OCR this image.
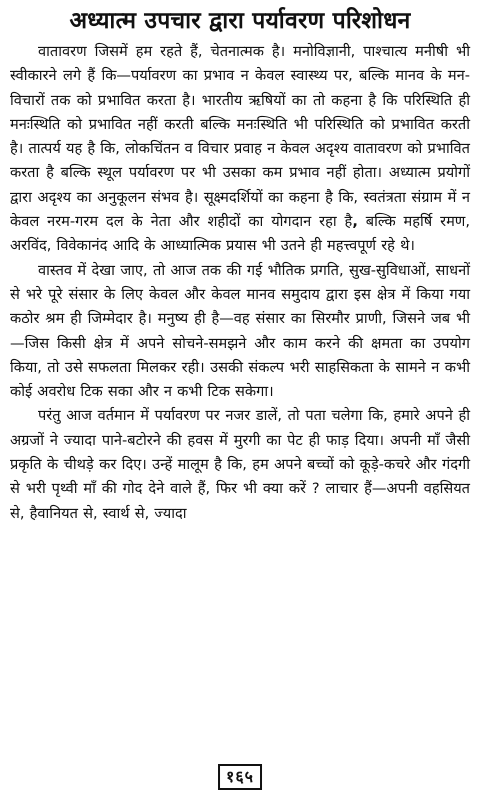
अध्यात्म उपचार द्वारा पर्यावरण परिशोधन

वातावरण जिसमें हम रहते हैं, चेतनात्मक है। मनोविज्ञानी, पाश्चात्य मनीषी भी स्वीकारने लगे हैं कि—पर्यावरण का प्रभाव न केवल स्वास्थ्य पर, बल्कि मानव के मन-विचारों तक को प्रभावित करता है। भारतीय ऋषियों का तो कहना है कि परिस्थिति ही मनःस्थिति को प्रभावित नहीं करती बल्कि मनःस्थिति भी परिस्थिति को प्रभावित करती है। तात्पर्य यह है कि, लोकचिंतन व विचार प्रवाह न केवल अदृश्य वातावरण को प्रभावित करता है बल्कि स्थूल पर्यावरण पर भी उसका कम प्रभाव नहीं होता। अध्यात्म प्रयोगों द्वारा अदृश्य का अनुकूलन संभव है। सूक्ष्मदर्शियों का कहना है कि, स्वतंत्रता संग्राम में न केवल नरम-गरम दल के नेता और शहीदों का योगदान रहा है, बल्कि महर्षि रमण, अरविंद, विवेकानंद आदि के आध्यात्मिक प्रयास भी उतने ही महत्त्वपूर्ण रहे थे।

वास्तव में देखा जाए, तो आज तक की गई भौतिक प्रगति, सुख-सुविधाओं, साधनों से भरे पूरे संसार के लिए केवल और केवल मानव समुदाय द्वारा इस क्षेत्र में किया गया कठोर श्रम ही जिम्मेदार है। मनुष्य ही है—वह संसार का सिरमौर प्राणी, जिसने जब भी—जिस किसी क्षेत्र में अपने सोचने-समझने और काम करने की क्षमता का उपयोग किया, तो उसे सफलता मिलकर रही। उसकी संकल्प भरी साहसिकता के सामने न कभी कोई अवरोध टिक सका और न कभी टिक सकेगा।

परंतु आज वर्तमान में पर्यावरण पर नजर डालें, तो पता चलेगा कि, हमारे अपने ही अग्रजों ने ज्यादा पाने-बटोरने की हवस में मुरगी का पेट ही फाड़ दिया। अपनी माँ जैसी प्रकृति के चीथड़े कर दिए। उन्हें मालूम है कि, हम अपने बच्चों को कूड़े-कचरे और गंदगी से भरी पृथ्वी माँ की गोद देने वाले हैं, फिर भी क्या करें ? लाचार हैं—अपनी वहसियत से, हैवानियत से, स्वार्थ से, ज्यादा

१६५
